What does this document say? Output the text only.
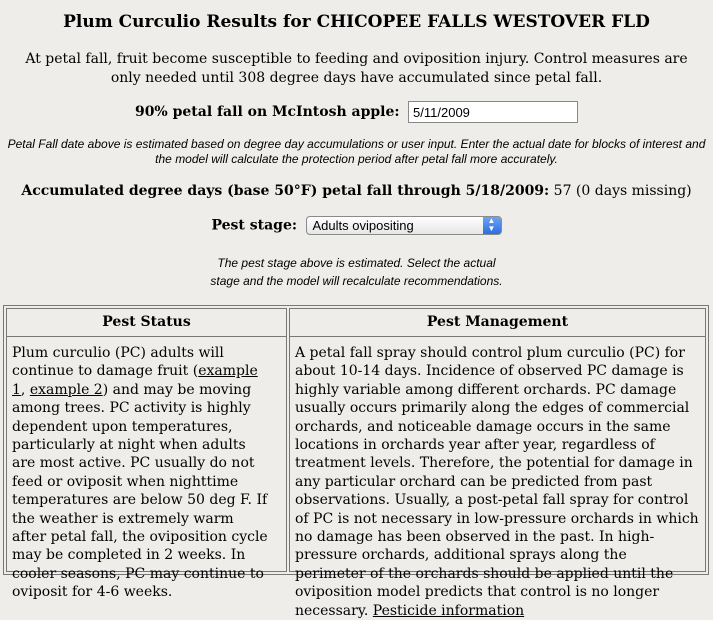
Plum Curculio Results for CHICOPEE FALLS WESTOVER FLD
At petal fall, fruit become susceptible to feeding and oviposition injury. Control measures are only needed until 308 degree days have accumulated since petal fall.
90% petal fall on McIntosh apple: 5/11/2009
Petal Fall date above is estimated based on degree day accumulations or user input. Enter the actual date for blocks of interest and the model will calculate the protection period after petal fall more accurately.
Accumulated degree days (base 50°F) petal fall through 5/18/2009: 57 (0 days missing)
Pest stage: Adults ovipositing	▲
▼
The pest stage above is estimated. Select the actual
stage and the model will recalculate recommendations.
Pest Status
Plum curculio (PC) adults will continue to damage fruit (example 1, example 2) and may be moving among trees. PC activity is highly dependent upon temperatures, particularly at night when adults are most active. PC usually do not feed or oviposit when nighttime temperatures are below 50 deg F. If the weather is extremely warm after petal fall, the oviposition cycle may be completed in 2 weeks. In cooler seasons, PC may continue to oviposit for 4-6 weeks.
Pest Management
A petal fall spray should control plum curculio (PC) for about 10-14 days. Incidence of observed PC damage is highly variable among different orchards. PC damage usually occurs primarily along the edges of commercial orchards, and noticeable damage occurs in the same locations in orchards year after year, regardless of treatment levels. Therefore, the potential for damage in any particular orchard can be predicted from past observations. Usually, a post-petal fall spray for control of PC is not necessary in low-pressure orchards in which no damage has been observed in the past. In high-pressure orchards, additional sprays along the perimeter of the orchards should be applied until the oviposition model predicts that control is no longer necessary. Pesticide information
